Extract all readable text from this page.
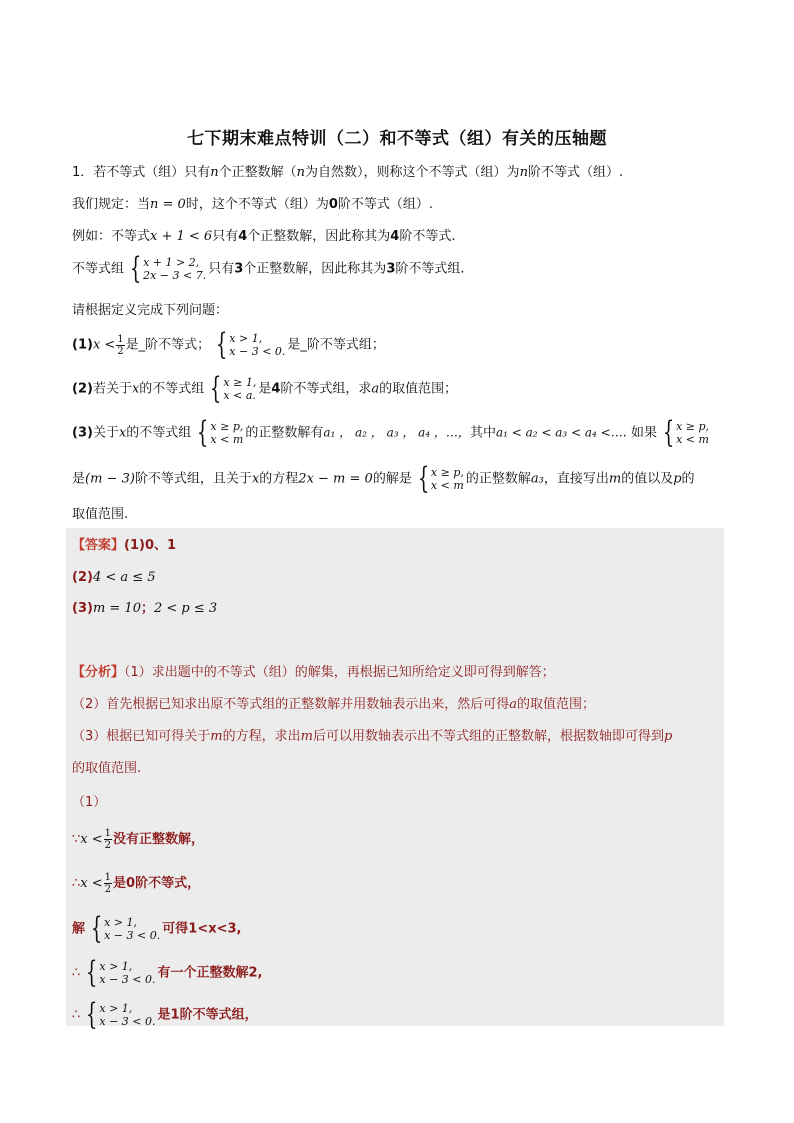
七下期末难点特训（二）和不等式（组）有关的压轴题
1．若不等式（组）只有n个正整数解（n为自然数），则称这个不等式（组）为n阶不等式（组）.
我们规定：当n = 0时，这个不等式（组）为0阶不等式（组）.
例如：不等式x + 1 < 6只有4个正整数解，因此称其为4阶不等式.
不等式组 { x + 1 > 2,
2x − 3 < 7. 只有3个正整数解，因此称其为3阶不等式组.
请根据定义完成下列问题：
$(1)x < \frac{1}{2}$ 是_阶不等式； { x > 1,
x − 3 < 0. 是_阶不等式组；
(2)若关于x的不等式组 { x ≥ 1,
x < a. 是4阶不等式组，求a的取值范围；
(3)关于x的不等式组 { x ≥ p,
x < m 的正整数解有a₁ ， a₂ ， a₃ ， a₄ ，…，其中a₁ < a₂ < a₃ < a₄ <…. 如果 { x ≥ p,
x < m
是(m − 3)阶不等式组，且关于x的方程2x − m = 0的解是 { x ≥ p,
x < m 的正整数解a₃，直接写出m的值以及p的
取值范围.
【答案】(1)0、1
(2)4 < a ≤ 5
(3)m = 10；2 < p ≤ 3
【分析】（1）求出题中的不等式（组）的解集，再根据已知所给定义即可得到解答；
（2）首先根据已知求出原不等式组的正整数解并用数轴表示出来，然后可得a的取值范围；
（3）根据已知可得关于m的方程，求出m后可以用数轴表示出不等式组的正整数解，根据数轴即可得到p
的取值范围.
（1）
∵x < $\frac{1}{2}$ 没有正整数解，
∴x < $\frac{1}{2}$ 是0阶不等式，
解 { x > 1,
x − 3 < 0. 可得1<x<3,
∴ { x > 1,
x − 3 < 0. 有一个正整数解2,
∴ { x > 1,
x − 3 < 0. 是1阶不等式组，
